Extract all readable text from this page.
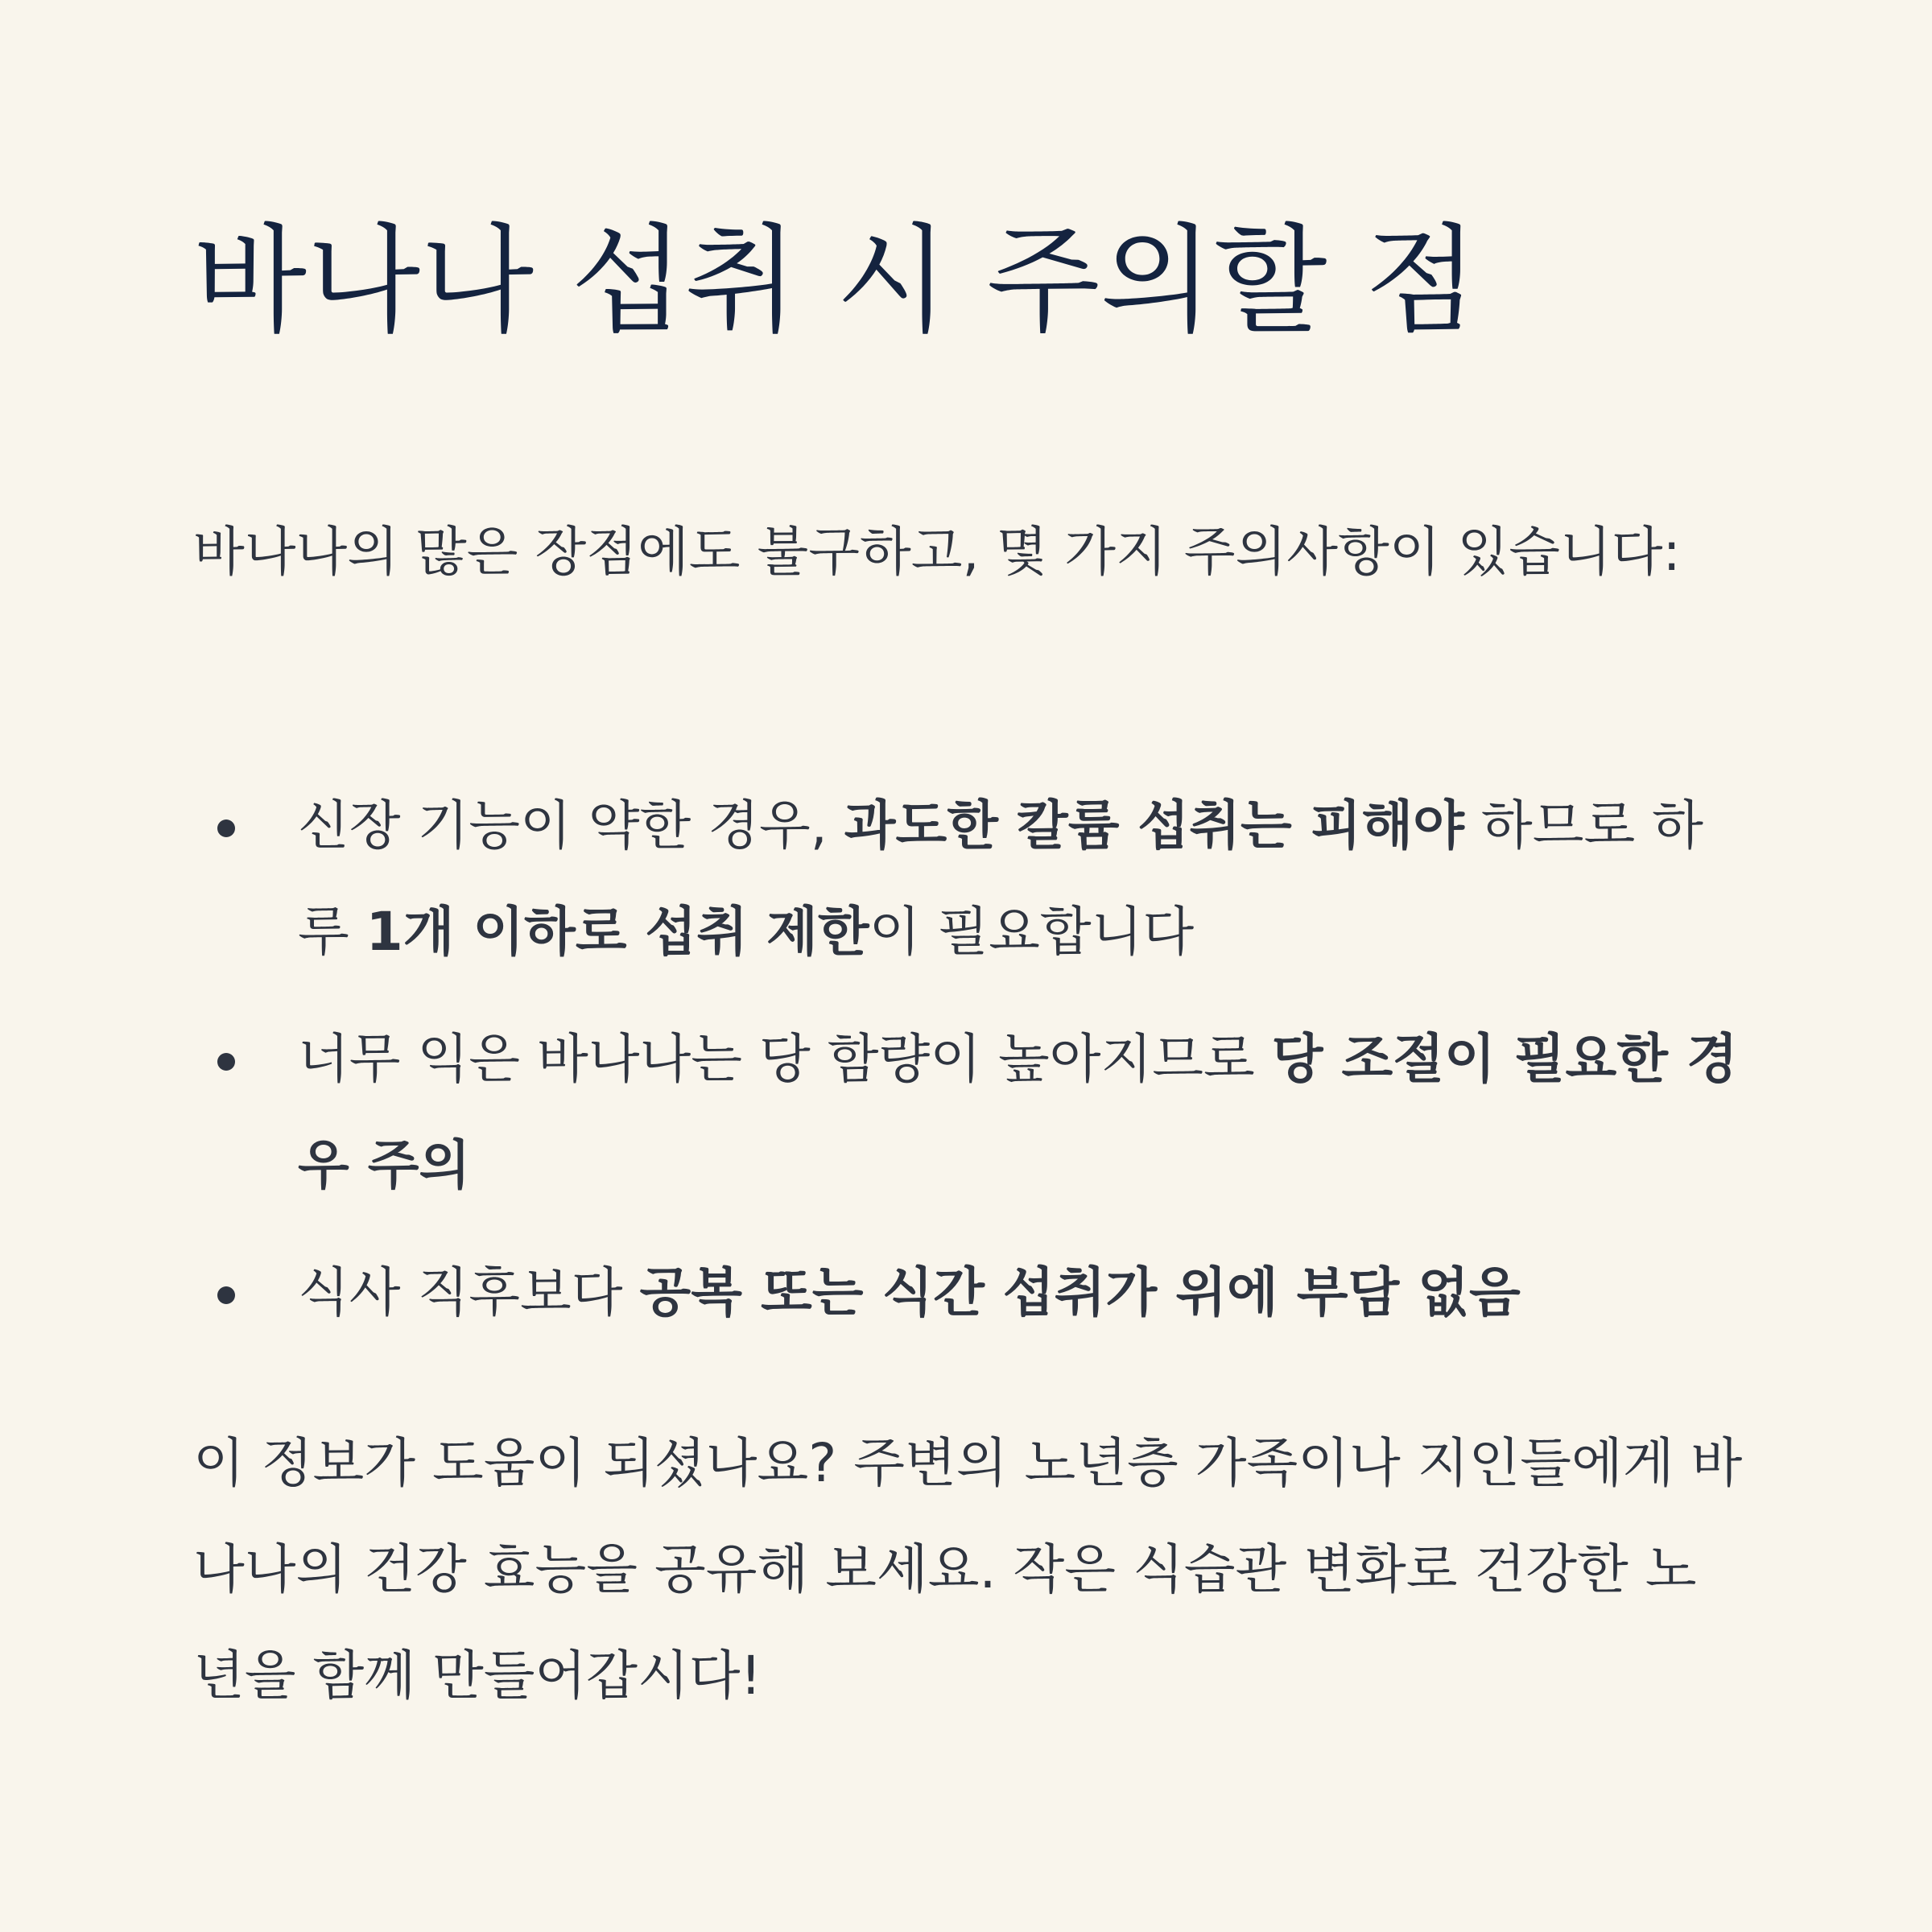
바나나 섭취 시 주의할 점

바나나의 많은 장점에도 불구하고, 몇 가지 주의사항이 있습니다:

신장 기능이 약한 경우, 과도한 칼륨 섭취는 피해야 하므로 하루 1개 이하로 섭취 제한이 필요합니다
너무 익은 바나나는 당 함량이 높아지므로 당 조절이 필요한 경우 주의
식사 직후보다 공복 또는 식간 섭취가 위에 부담 없음

이 정보가 도움이 되셨나요? 주변의 노년층 가족이나 지인들에게 바나나의 건강 효능을 공유해 보세요. 작은 식습관 변화로 건강한 노년을 함께 만들어갑시다!
